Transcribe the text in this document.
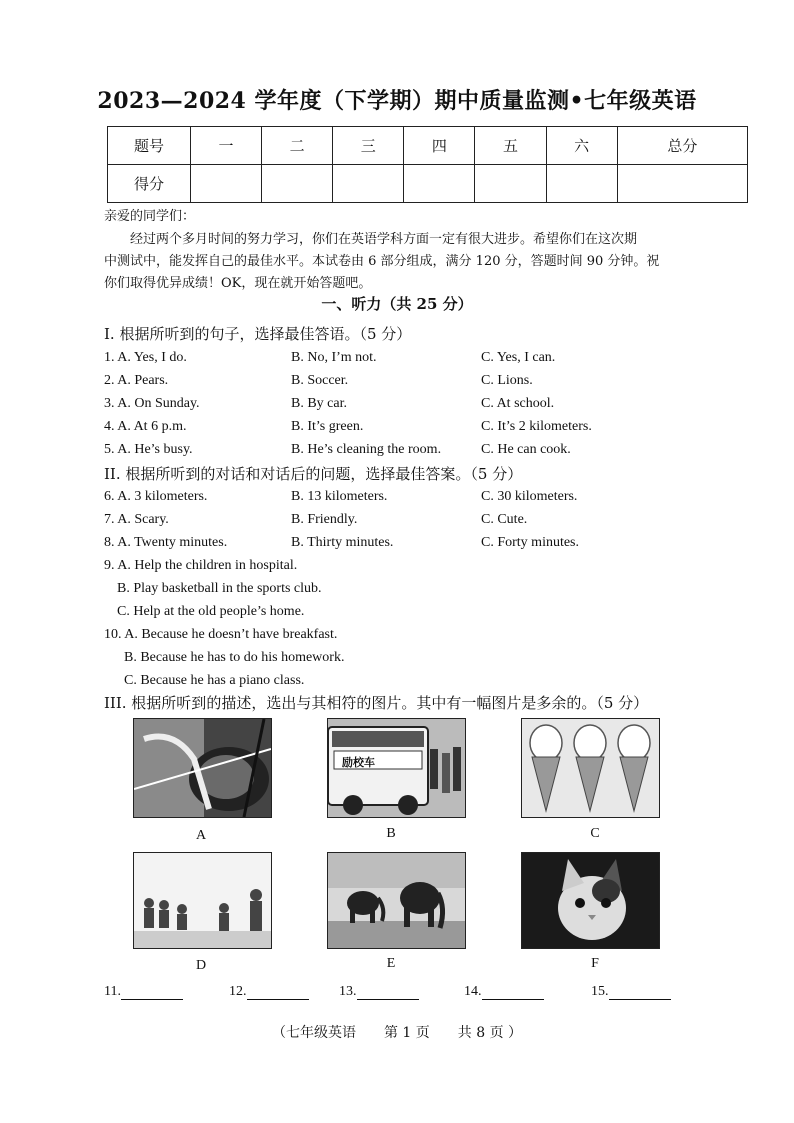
2023—2024 学年度（下学期）期中质量监测•七年级英语
题号	一	二	三	四	五	六	总分
得分							
亲爱的同学们：
经过两个多月时间的努力学习，你们在英语学科方面一定有很大进步。希望你们在这次期
中测试中，能发挥自己的最佳水平。本试卷由 6 部分组成，满分 120 分，答题时间 90 分钟。祝
你们取得优异成绩！OK，现在就开始答题吧。
一、听力（共 25 分）
I. 根据所听到的句子，选择最佳答语。（5 分）
1. A. Yes, I do.	B. No, I’m not.	C. Yes, I can.
2. A. Pears.	B. Soccer.	C. Lions.
3. A. On Sunday.	B. By car.	C. At school.
4. A. At 6 p.m.	B. It’s green.	C. It’s 2 kilometers.
5. A. He’s busy.	B. He’s cleaning the room.	C. He can cook.
II. 根据所听到的对话和对话后的问题，选择最佳答案。（5 分）
6. A. 3 kilometers.	B. 13 kilometers.	C. 30 kilometers.
7. A. Scary.	B. Friendly.	C. Cute.
8. A. Twenty minutes.	B. Thirty minutes.	C. Forty minutes.
9. A. Help the children in hospital.
B. Play basketball in the sports club.
C. Help at the old people’s home.
10. A. Because he doesn’t have breakfast.
B. Because he has to do his homework.
C. Because he has a piano class.
III. 根据所听到的描述，选出与其相符的图片。其中有一幅图片是多余的。（5 分）
励校车
A	B	C
D	E	F
11.	12.	13.	14.	15.
（七年级英语　　第 1 页　　共 8 页 ）
